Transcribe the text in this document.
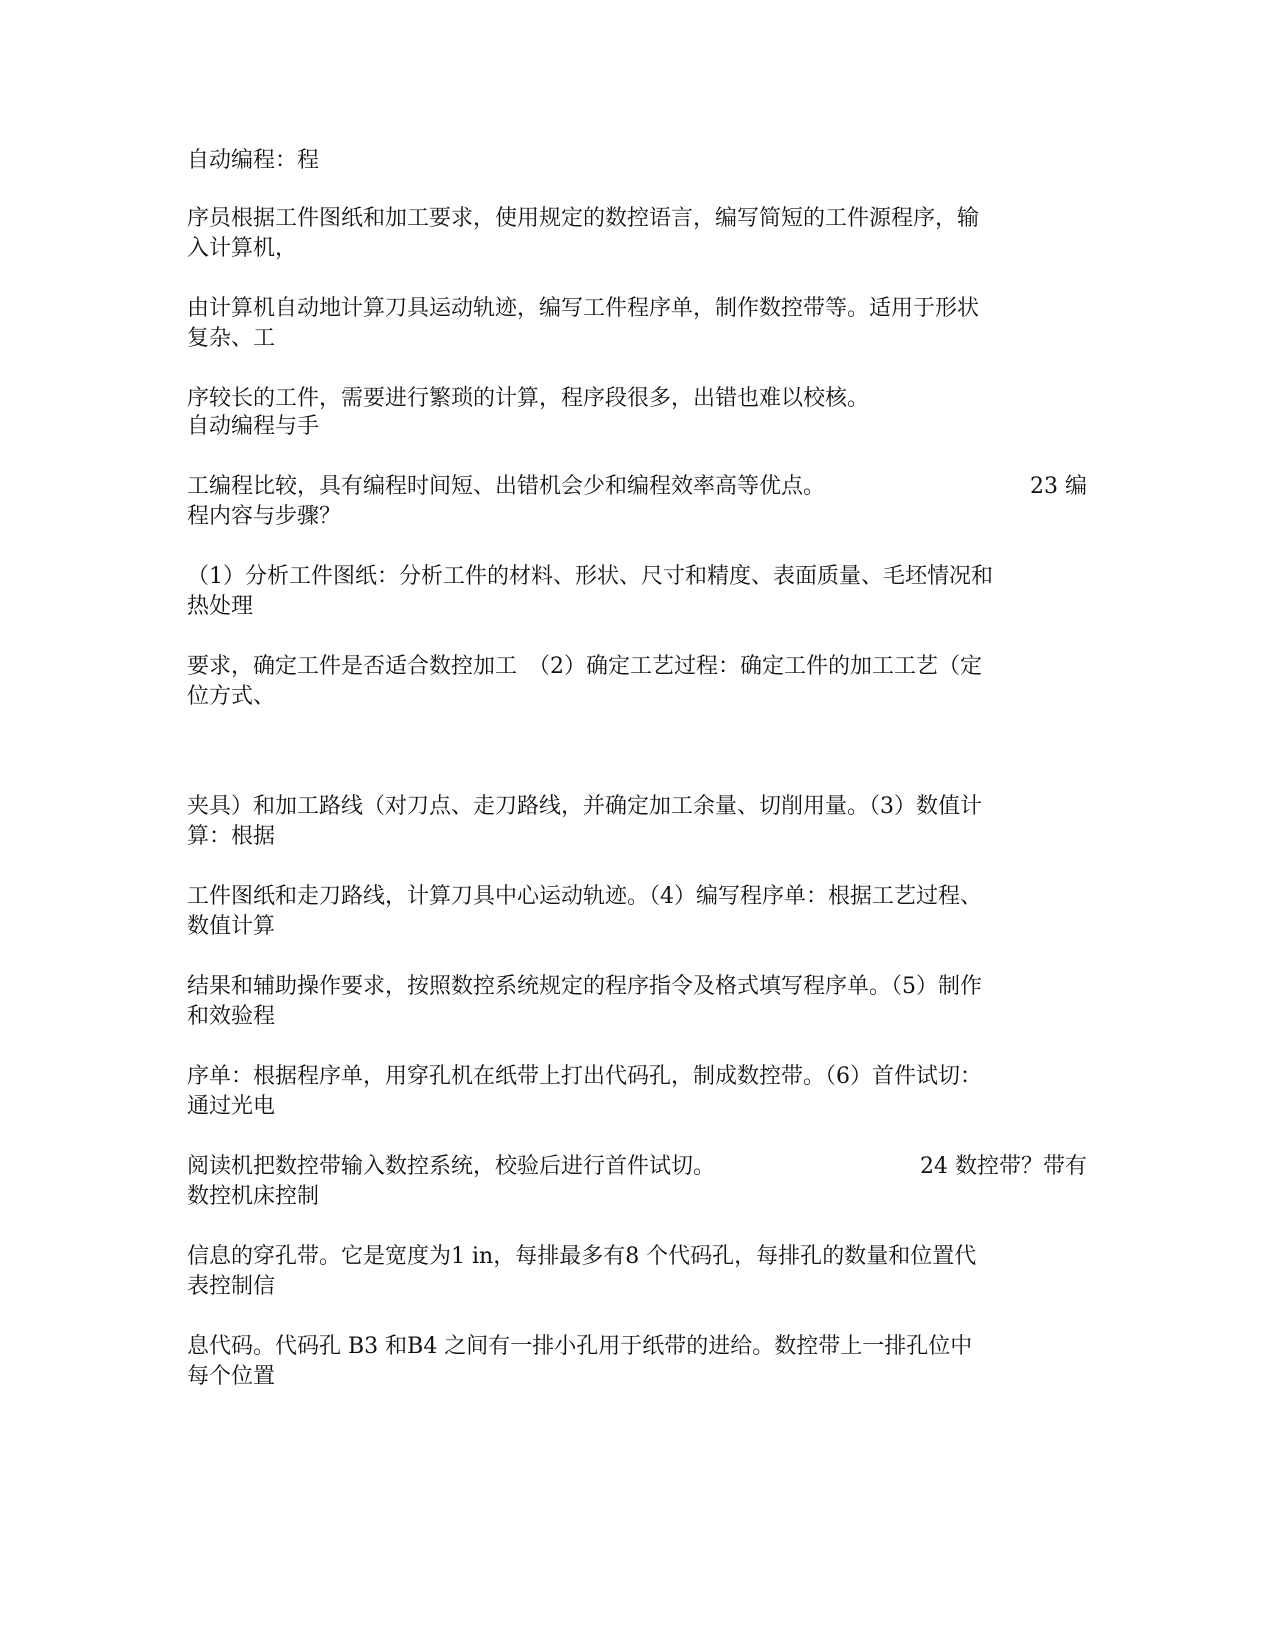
自动编程：程
序员根据工件图纸和加工要求，使用规定的数控语言，编写简短的工件源程序，输
入计算机，
由计算机自动地计算刀具运动轨迹，编写工件程序单，制作数控带等。适用于形状
复杂、工
序较长的工件，需要进行繁琐的计算，程序段很多，出错也难以校核。
自动编程与手
工编程比较，具有编程时间短、出错机会少和编程效率高等优点。	23 编
程内容与步骤？
（1）分析工件图纸：分析工件的材料、形状、尺寸和精度、表面质量、毛坯情况和
热处理
要求，确定工件是否适合数控加工　（2）确定工艺过程：确定工件的加工工艺（定
位方式、
夹具）和加工路线（对刀点、走刀路线，并确定加工余量、切削用量。（3）数值计
算：根据
工件图纸和走刀路线，计算刀具中心运动轨迹。（4）编写程序单：根据工艺过程、
数值计算
结果和辅助操作要求，按照数控系统规定的程序指令及格式填写程序单。（5）制作
和效验程
序单：根据程序单，用穿孔机在纸带上打出代码孔，制成数控带。（6）首件试切：
通过光电
阅读机把数控带输入数控系统，校验后进行首件试切。	24 数控带？带有
数控机床控制
信息的穿孔带。它是宽度为1 in，每排最多有8 个代码孔，每排孔的数量和位置代
表控制信
息代码。代码孔 B3 和B4 之间有一排小孔用于纸带的进给。数控带上一排孔位中
每个位置
